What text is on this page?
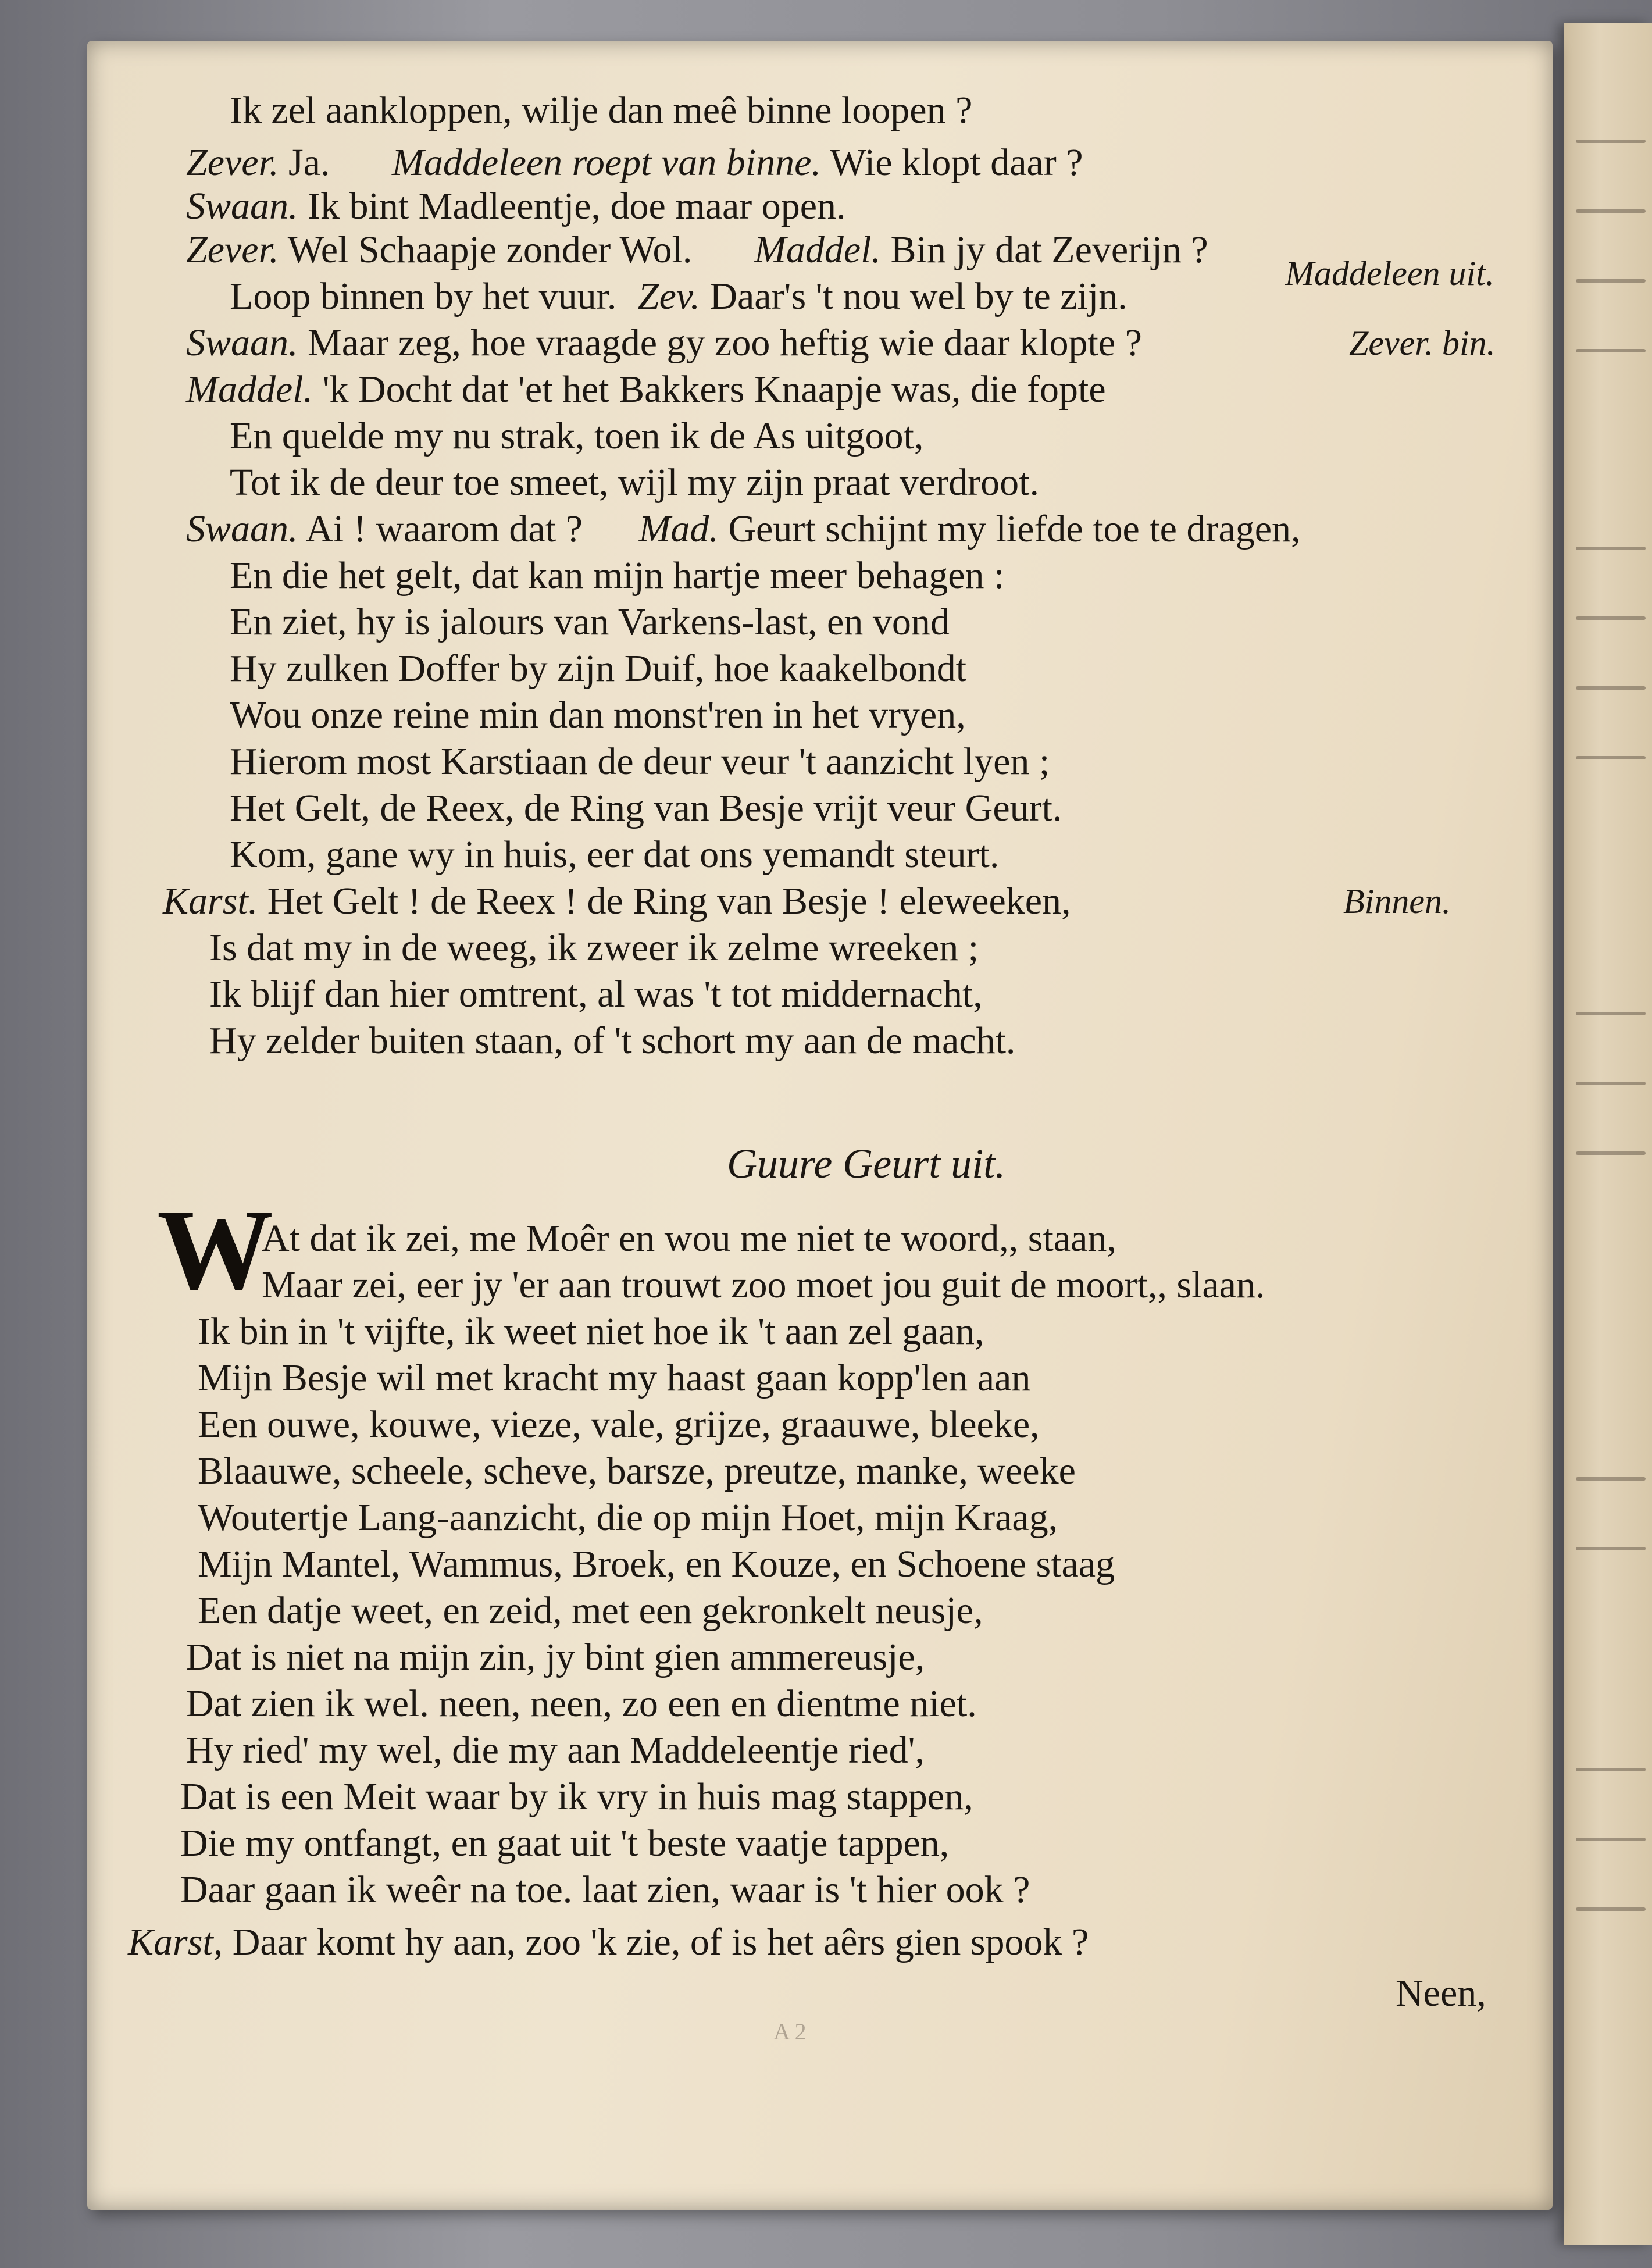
Ik zel aankloppen, wilje dan meê binne loopen ?
Zever. Ja. Maddeleen roept van binne. Wie klopt daar ?
Swaan. Ik bint Madleentje, doe maar open.
Zever. Wel Schaapje zonder Wol. Maddel. Bin jy dat Zeverijn ?
Maddeleen uit.
Loop binnen by het vuur. Zev. Daar's 't nou wel by te zijn.
Swaan. Maar zeg, hoe vraagde gy zoo heftig wie daar klopte ?	Zever. bin.
Maddel. 'k Docht dat 'et het Bakkers Knaapje was, die fopte
En quelde my nu strak, toen ik de As uitgoot,
Tot ik de deur toe smeet, wijl my zijn praat verdroot.
Swaan. Ai ! waarom dat ? Mad. Geurt schijnt my liefde toe te dragen,
En die het gelt, dat kan mijn hartje meer behagen :
En ziet, hy is jalours van Varkens-last, en vond
Hy zulken Doffer by zijn Duif, hoe kaakelbondt
Wou onze reine min dan monst'ren in het vryen,
Hierom most Karstiaan de deur veur 't aanzicht lyen ;
Het Gelt, de Reex, de Ring van Besje vrijt veur Geurt.
Kom, gane wy in huis, eer dat ons yemandt steurt.
Karst. Het Gelt ! de Reex ! de Ring van Besje ! eleweeken,	Binnen.
Is dat my in de weeg, ik zweer ik zelme wreeken ;
Ik blijf dan hier omtrent, al was 't tot middernacht,
Hy zelder buiten staan, of 't schort my aan de macht.
Guure Geurt uit.
W
At dat ik zei, me Moêr en wou me niet te woord,, staan,
Maar zei, eer jy 'er aan trouwt zoo moet jou guit de moort,, slaan.
Ik bin in 't vijfte, ik weet niet hoe ik 't aan zel gaan,
Mijn Besje wil met kracht my haast gaan kopp'len aan
Een ouwe, kouwe, vieze, vale, grijze, graauwe, bleeke,
Blaauwe, scheele, scheve, barsze, preutze, manke, weeke
Woutertje Lang-aanzicht, die op mijn Hoet, mijn Kraag,
Mijn Mantel, Wammus, Broek, en Kouze, en Schoene staag
Een datje weet, en zeid, met een gekronkelt neusje,
Dat is niet na mijn zin, jy bint gien ammereusje,
Dat zien ik wel. neen, neen, zo een en dientme niet.
Hy ried' my wel, die my aan Maddeleentje ried',
Dat is een Meit waar by ik vry in huis mag stappen,
Die my ontfangt, en gaat uit 't beste vaatje tappen,
Daar gaan ik weêr na toe. laat zien, waar is 't hier ook ?
Karst, Daar komt hy aan, zoo 'k zie, of is het aêrs gien spook ?
Neen,
A 2
